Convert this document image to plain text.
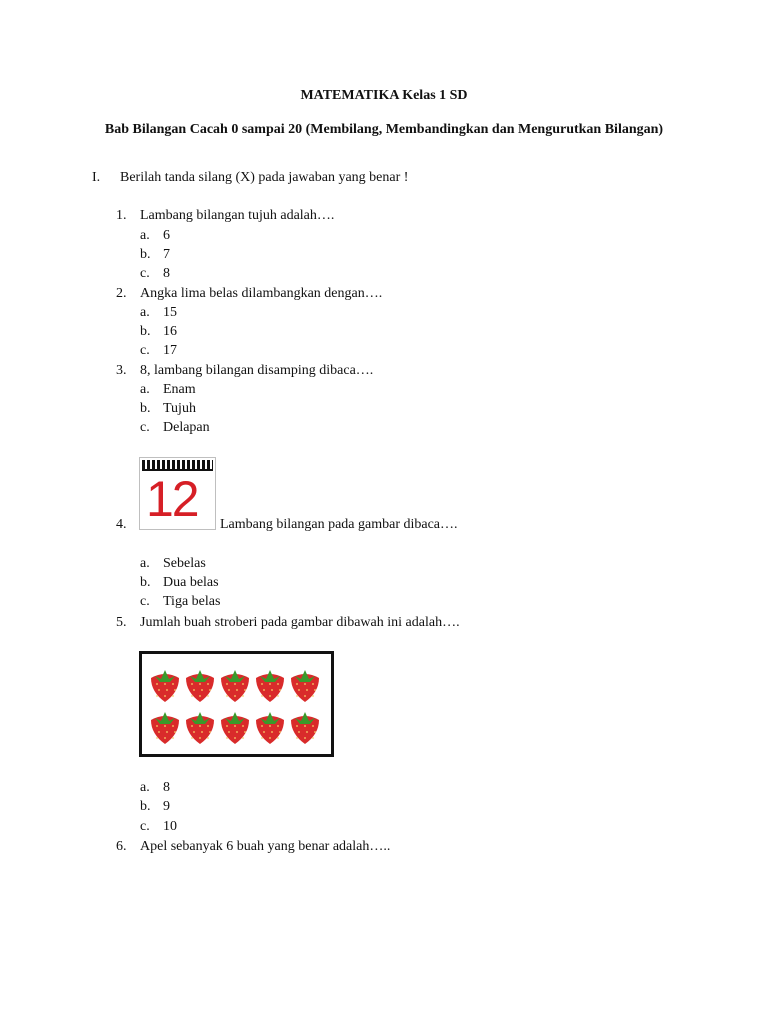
MATEMATIKA Kelas 1 SD
Bab Bilangan Cacah 0 sampai 20 (Membilang, Membandingkan dan Mengurutkan Bilangan)
I. Berilah tanda silang (X) pada jawaban yang benar !
1. Lambang bilangan tujuh adalah….
a. 6
b. 7
c. 8
2. Angka lima belas dilambangkan dengan….
a. 15
b. 16
c. 17
3. 8, lambang bilangan disamping dibaca….
a. Enam
b. Tujuh
c. Delapan
12
4.	Lambang bilangan pada gambar dibaca….
a. Sebelas
b. Dua belas
c. Tiga belas
5. Jumlah buah stroberi pada gambar dibawah ini adalah….
a. 8
b. 9
c. 10
6. Apel sebanyak 6 buah yang benar adalah…..
